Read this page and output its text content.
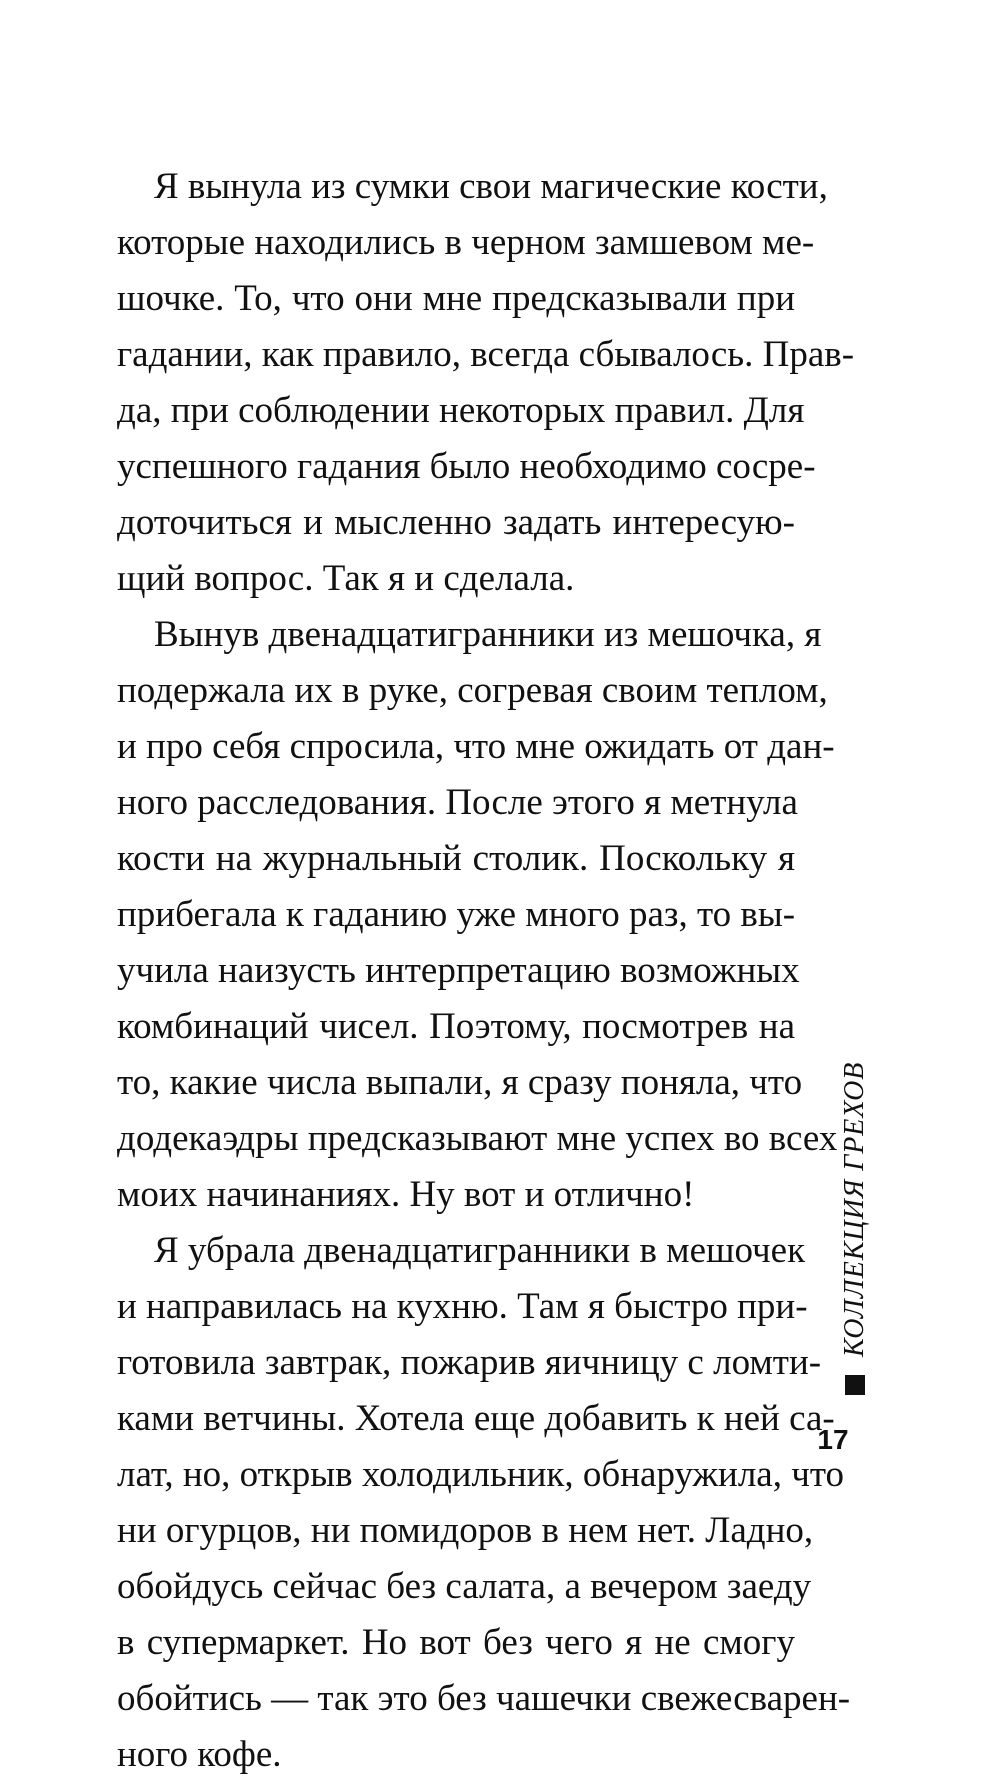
Я вынула из сумки свои магические кости,
которые находились в черном замшевом ме-
шочке. То, что они мне предсказывали при
гадании, как правило, всегда сбывалось. Прав-
да, при соблюдении некоторых правил. Для
успешного гадания было необходимо сосре-
доточиться и мысленно задать интересую-
щий вопрос. Так я и сделала.
Вынув двенадцатигранники из мешочка, я
подержала их в руке, согревая своим теплом,
и про себя спросила, что мне ожидать от дан-
ного расследования. После этого я метнула
кости на журнальный столик. Поскольку я
прибегала к гаданию уже много раз, то вы-
учила наизусть интерпретацию возможных
комбинаций чисел. Поэтому, посмотрев на
то, какие числа выпали, я сразу поняла, что
додекаэдры предсказывают мне успех во всех
моих начинаниях. Ну вот и отлично!
Я убрала двенадцатигранники в мешочек
и направилась на кухню. Там я быстро при-
готовила завтрак, пожарив яичницу с ломти-
ками ветчины. Хотела еще добавить к ней са-
лат, но, открыв холодильник, обнаружила, что
ни огурцов, ни помидоров в нем нет. Ладно,
обойдусь сейчас без салата, а вечером заеду
в супермаркет. Но вот без чего я не смогу
обойтись — так это без чашечки свежесварен-
ного кофе.
КОЛЛЕКЦИЯ ГРЕХОВ
17
